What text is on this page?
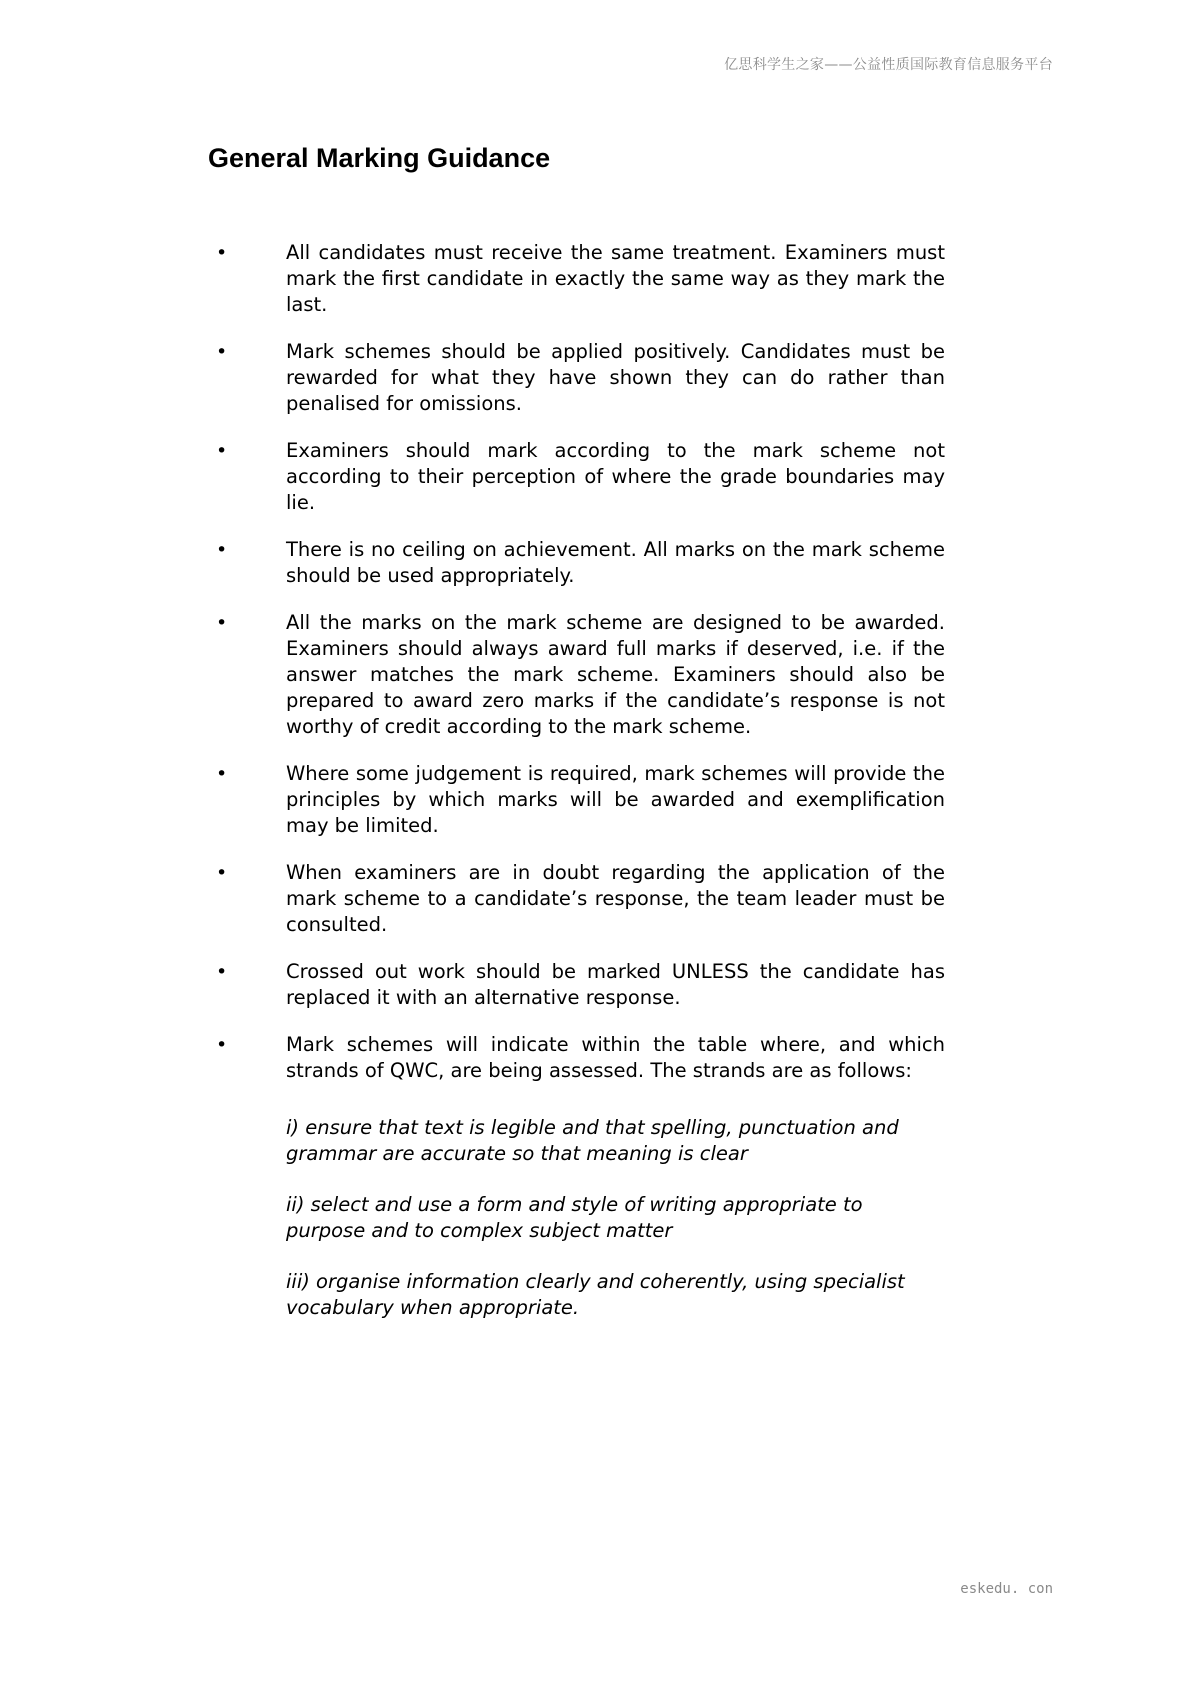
亿思科学生之家——公益性质国际教育信息服务平台
General Marking Guidance
•	All candidates must receive the same treatment. Examiners must mark the first candidate in exactly the same way as they mark the last.
•	Mark schemes should be applied positively. Candidates must be rewarded for what they have shown they can do rather than penalised for omissions.
•	Examiners should mark according to the mark scheme not according to their perception of where the grade boundaries may lie.
•	There is no ceiling on achievement. All marks on the mark scheme should be used appropriately.
•	All the marks on the mark scheme are designed to be awarded. Examiners should always award full marks if deserved, i.e. if the answer matches the mark scheme. Examiners should also be prepared to award zero marks if the candidate’s response is not worthy of credit according to the mark scheme.
•	Where some judgement is required, mark schemes will provide the principles by which marks will be awarded and exemplification may be limited.
•	When examiners are in doubt regarding the application of the mark scheme to a candidate’s response, the team leader must be consulted.
•	Crossed out work should be marked UNLESS the candidate has replaced it with an alternative response.
•	Mark schemes will indicate within the table where, and which strands of QWC, are being assessed. The strands are as follows:
i) ensure that text is legible and that spelling, punctuation and grammar are accurate so that meaning is clear
ii) select and use a form and style of writing appropriate to purpose and to complex subject matter
iii) organise information clearly and coherently, using specialist vocabulary when appropriate.
eskedu. con
